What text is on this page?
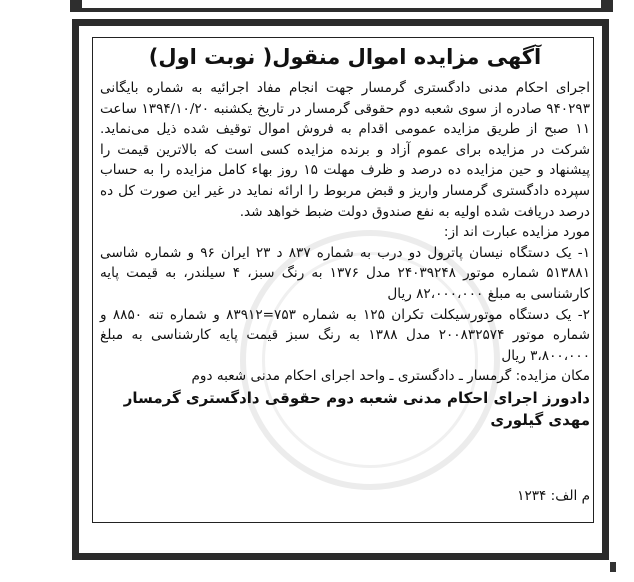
آگهی مزایده اموال منقول( نوبت اول)

اجرای احکام مدنی دادگستری گرمسار جهت انجام مفاد اجرائیه به شماره بایگانی ۹۴۰۲۹۳ صادره از سوی شعبه دوم حقوقی گرمسار در تاریخ یکشنبه ۱۳۹۴/۱۰/۲۰ ساعت ۱۱ صبح از طریق مزایده عمومی اقدام به فروش اموال توقیف شده ذیل می‌نماید. شرکت در مزایده برای عموم آزاد و برنده مزایده کسی است که بالاترین قیمت را پیشنهاد و حین مزایده ده درصد و ظرف مهلت ۱۵ روز بهاء کامل مزایده را به حساب سپرده دادگستری گرمسار واریز و قبض مربوط را ارائه نماید در غیر این صورت کل ده درصد دریافت شده اولیه به نفع صندوق دولت ضبط خواهد شد.

مورد مزایده عبارت اند از:

۱- یک دستگاه نیسان پاترول دو درب به شماره ۸۳۷ د ۲۳ ایران ۹۶ و شماره شاسی ۵۱۳۸۸۱ شماره موتور ۲۴۰۳۹۲۴۸ مدل ۱۳۷۶ به رنگ سبز، ۴ سیلندر، به قیمت پایه کارشناسی به مبلغ ۸۲،۰۰۰،۰۰۰ ریال

۲- یک دستگاه موتورسیکلت تکران ۱۲۵ به شماره ۷۵۳=۸۳۹۱۲ و شماره تنه ۸۸۵۰ و شماره موتور ۲۰۰۸۳۲۵۷۴ مدل ۱۳۸۸ به رنگ سبز قیمت پایه کارشناسی به مبلغ ۳،۸۰۰،۰۰۰ ریال

مکان مزایده: گرمسار ـ دادگستری ـ واحد اجرای احکام مدنی شعبه دوم

دادورز اجرای احکام مدنی شعبه دوم حقوقی دادگستری گرمسار

مهدی گیلوری

م الف: ۱۲۳۴
